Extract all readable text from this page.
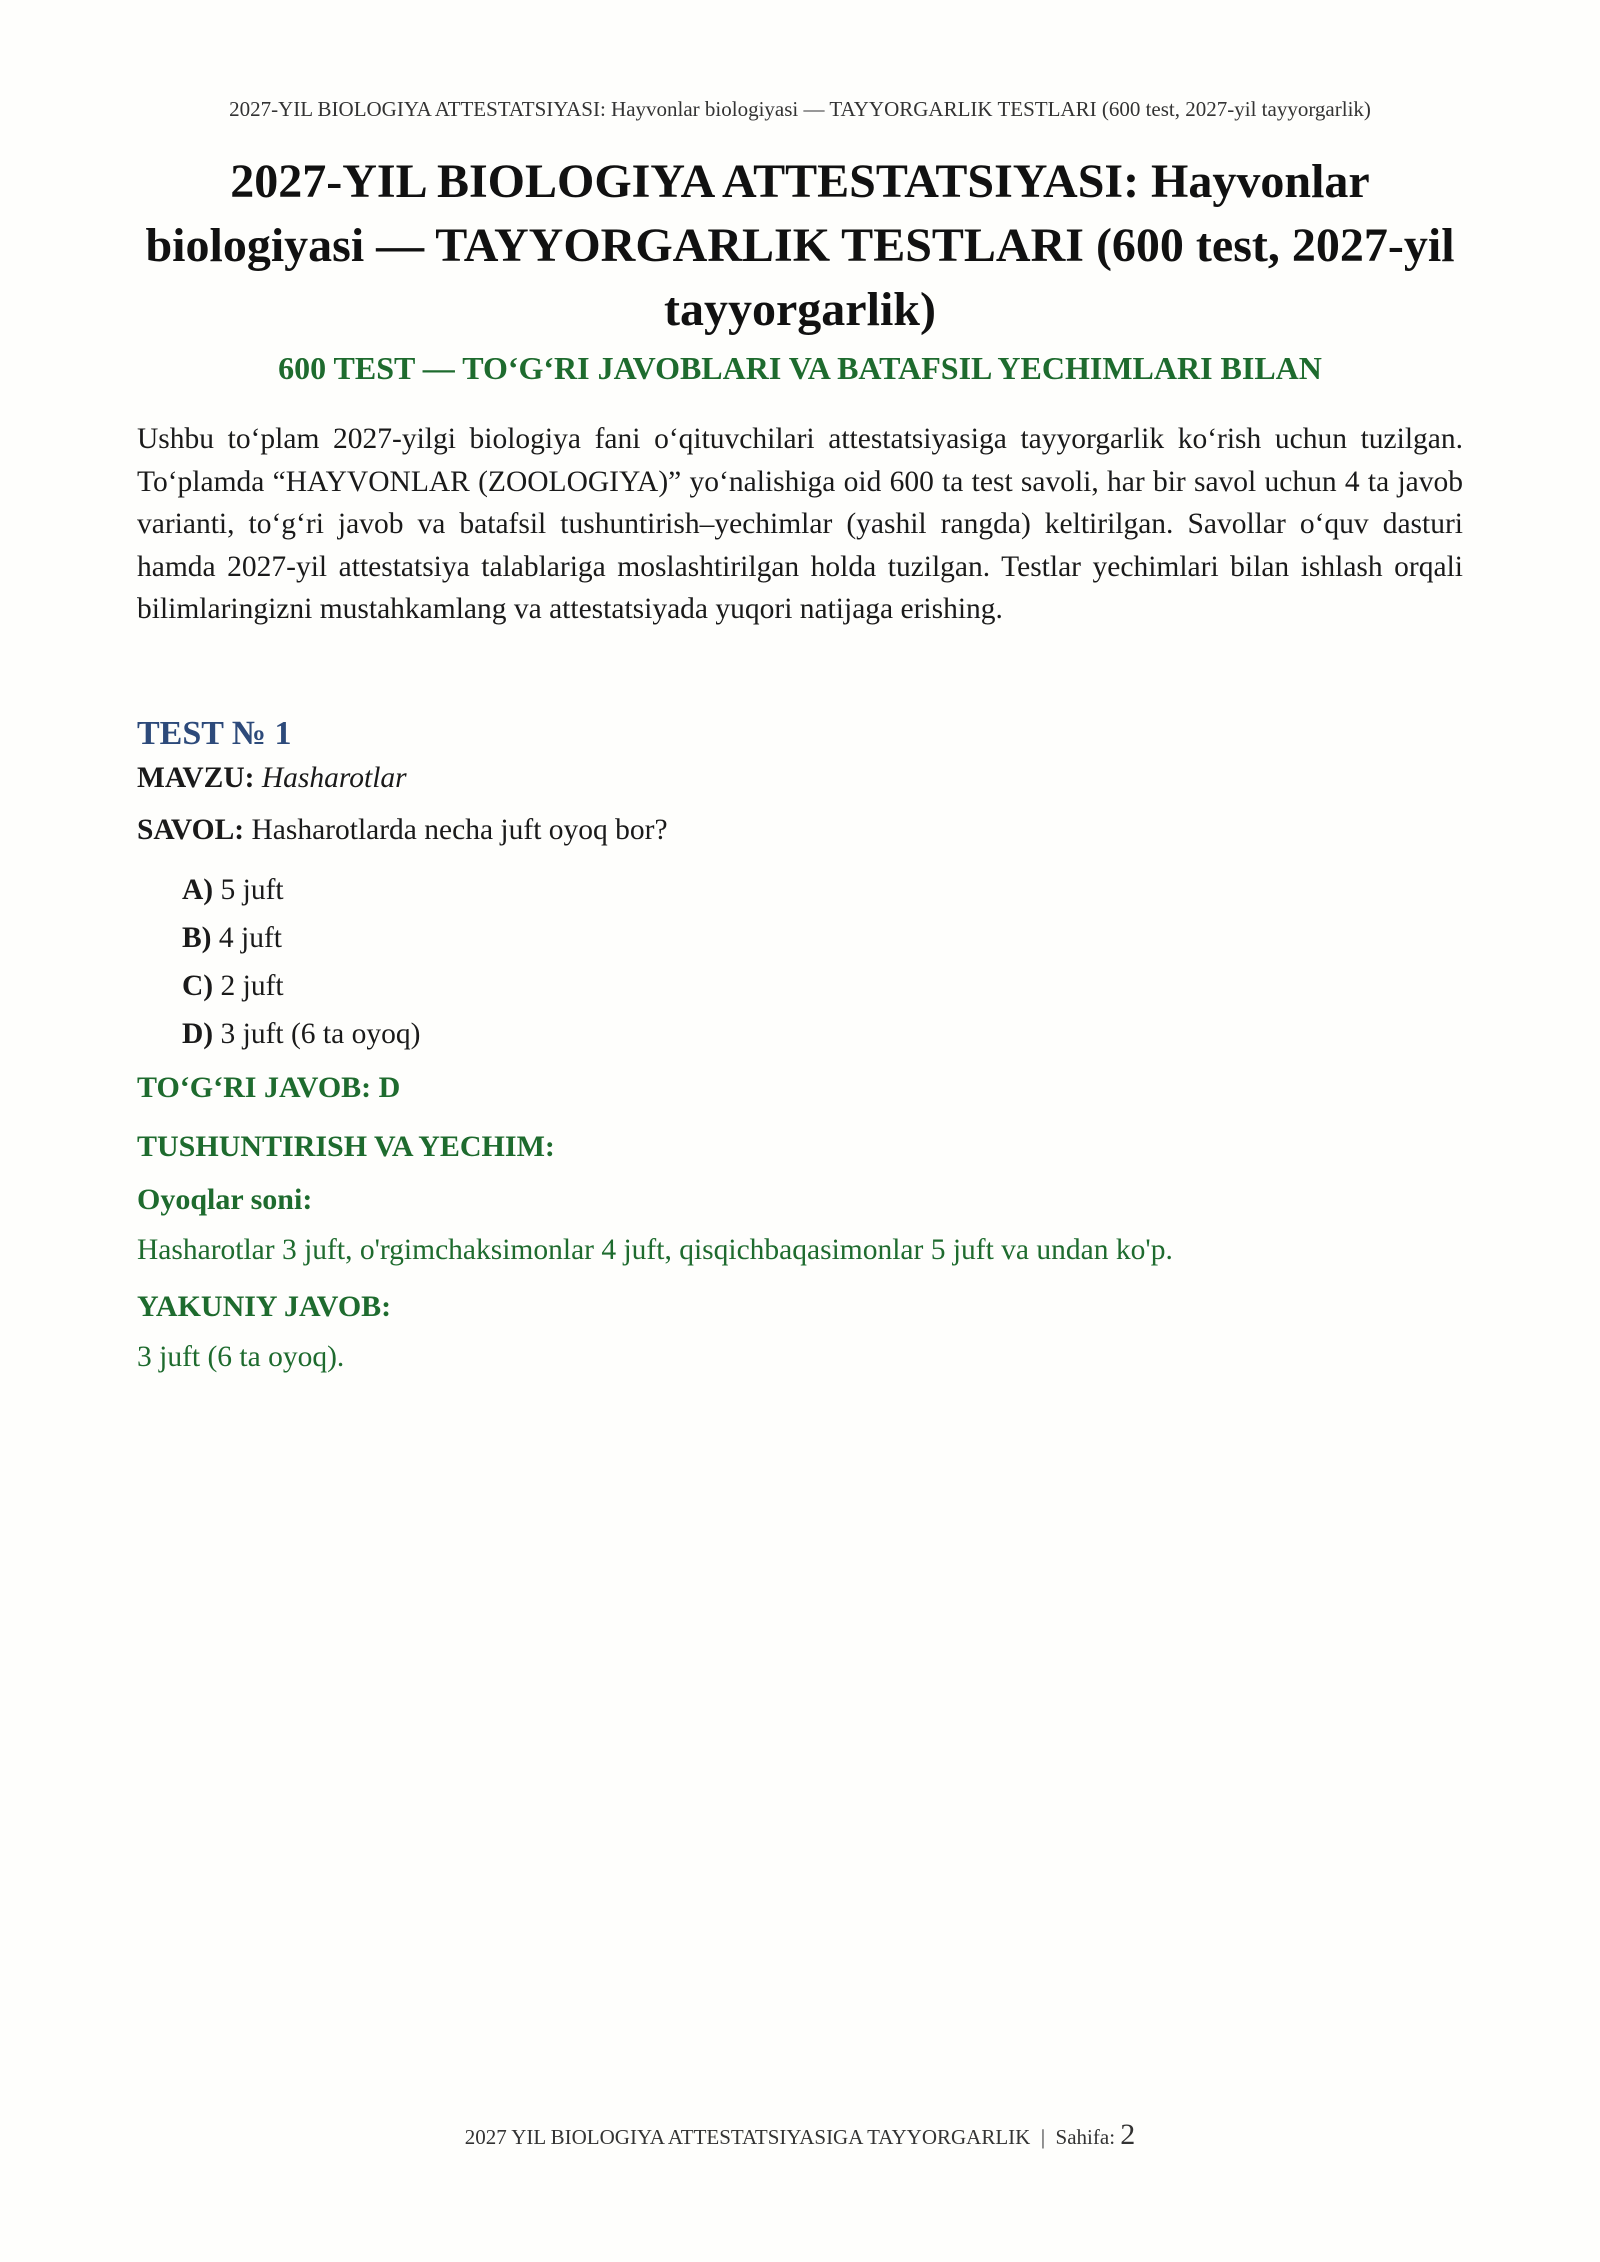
2027-YIL BIOLOGIYA ATTESTATSIYASI: Hayvonlar biologiyasi — TAYYORGARLIK TESTLARI (600 test, 2027-yil tayyorgarlik)
2027-YIL BIOLOGIYA ATTESTATSIYASI: Hayvonlar biologiyasi — TAYYORGARLIK TESTLARI (600 test, 2027-yil tayyorgarlik)
600 TEST — TO‘G‘RI JAVOBLARI VA BATAFSIL YECHIMLARI BILAN
Ushbu to‘plam 2027-yilgi biologiya fani o‘qituvchilari attestatsiyasiga tayyorgarlik ko‘rish uchun tuzilgan. To‘plamda “HAYVONLAR (ZOOLOGIYA)” yo‘nalishiga oid 600 ta test savoli, har bir savol uchun 4 ta javob varianti, to‘g‘ri javob va batafsil tushuntirish–yechimlar (yashil rangda) keltirilgan. Savollar o‘quv dasturi hamda 2027-yil attestatsiya talablariga moslashtirilgan holda tuzilgan. Testlar yechimlari bilan ishlash orqali bilimlaringizni mustahkamlang va attestatsiyada yuqori natijaga erishing.
TEST № 1
MAVZU: Hasharotlar
SAVOL: Hasharotlarda necha juft oyoq bor?
A) 5 juft
B) 4 juft
C) 2 juft
D) 3 juft (6 ta oyoq)
TO‘G‘RI JAVOB: D
TUSHUNTIRISH VA YECHIM:
Oyoqlar soni:
Hasharotlar 3 juft, o'rgimchaksimonlar 4 juft, qisqichbaqasimonlar 5 juft va undan ko'p.
YAKUNIY JAVOB:
3 juft (6 ta oyoq).
2027 YIL BIOLOGIYA ATTESTATSIYASIGA TAYYORGARLIK | Sahifa: 2
